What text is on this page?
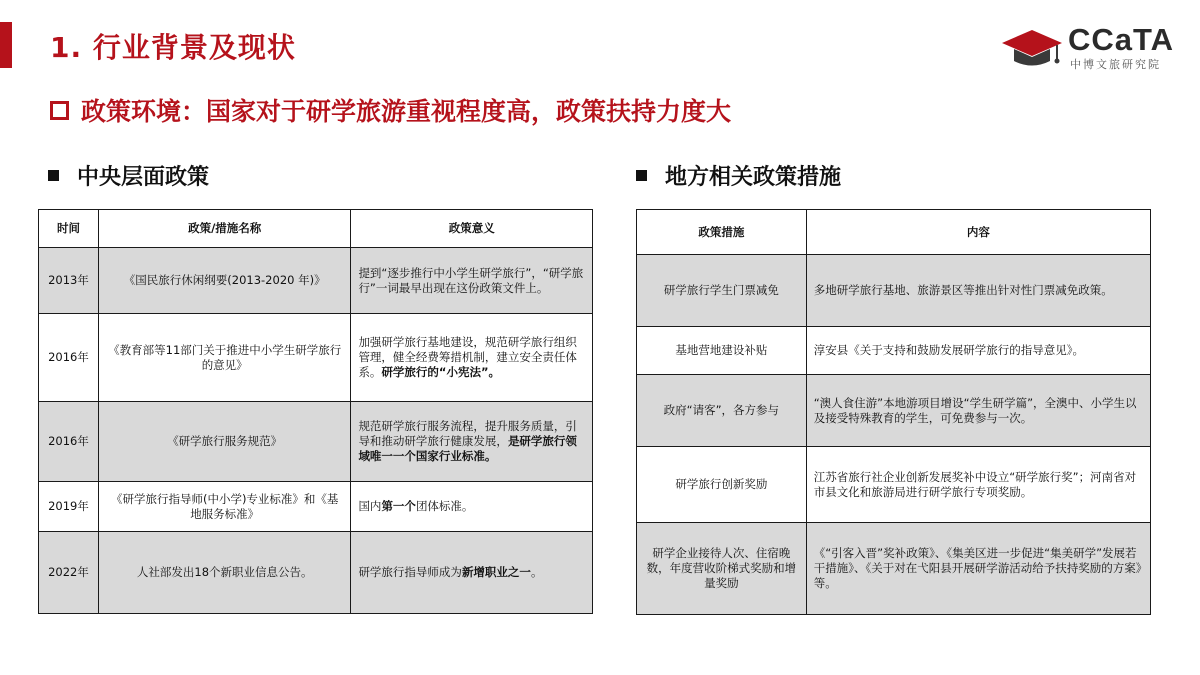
1. 行业背景及现状	CCaTA
中博文旅研究院
政策环境：国家对于研学旅游重视程度高，政策扶持力度大
中央层面政策	地方相关政策措施
时间	政策/措施名称	政策意义
2013年	《国民旅行休闲纲要(2013-2020 年)》	提到“逐步推行中小学生研学旅行”，“研学旅行”一词最早出现在这份政策文件上。
2016年	《教育部等11部门关于推进中小学生研学旅行的意见》	加强研学旅行基地建设，规范研学旅行组织管理，健全经费筹措机制，建立安全责任体系。研学旅行的“小宪法”。
2016年	《研学旅行服务规范》	规范研学旅行服务流程，提升服务质量，引导和推动研学旅行健康发展，是研学旅行领域唯一一个国家行业标准。
2019年	《研学旅行指导师(中小学)专业标准》和《基地服务标准》	国内第一个团体标准。
2022年	人社部发出18个新职业信息公告。	研学旅行指导师成为新增职业之一。
政策措施	内容
研学旅行学生门票减免	多地研学旅行基地、旅游景区等推出针对性门票减免政策。
基地营地建设补贴	淳安县《关于支持和鼓励发展研学旅行的指导意见》。
政府“请客”，各方参与	“澳人食住游”本地游项目增设“学生研学篇”，全澳中、小学生以及接受特殊教育的学生，可免费参与一次。
研学旅行创新奖励	江苏省旅行社企业创新发展奖补中设立“研学旅行奖”；河南省对市县文化和旅游局进行研学旅行专项奖励。
研学企业接待人次、住宿晚数，年度营收阶梯式奖励和增量奖励	《“引客入晋”奖补政策》、《集美区进一步促进“集美研学”发展若干措施》、《关于对在弋阳县开展研学游活动给予扶持奖励的方案》等。
